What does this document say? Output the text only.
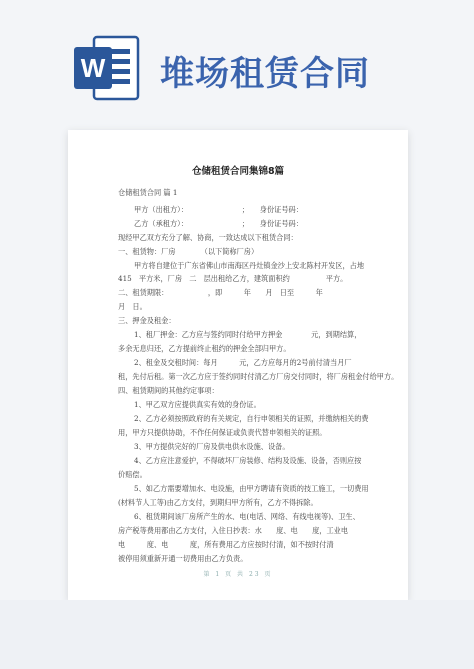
W 堆场租赁合同
仓储租赁合同集锦8篇
仓储租赁合同 篇 1
甲方（出租方）：　　　　　　　　；　　身份证号码：
乙方（承租方）：　　　　　　　　；　　身份证号码：
现经甲乙双方充分了解、协商，一致达成以下租赁合同：
一、租赁物：厂房　　　　（以下简称厂房）
甲方将自建位于广东省佛山市南海区丹灶镇金沙上安北陈村开发区，占地
415　平方米，厂房　二　层出租给乙方，建筑面积约　　　　　平方。
二、租赁期限：　　　　　　，即　　　年　　月　日至　　　年
月　日。
三、押金及租金：
1、租厂押金：乙方应与签约同时付给甲方押金　　　　元，到期结算，
多余无息归还，乙方提前终止租约的押金全部归甲方。
2、租金及交租时间：每月　　　元，乙方应每月的2号前付清当月厂
租，先付后租。第一次乙方应于签约同时付清乙方厂房交付同时，将厂房租金付给甲方。
四、租赁期间的其他约定事项：
1、甲乙双方应提供真实有效的身份证。
2、乙方必须按照政府的有关规定，自行申领相关的证照，并缴纳相关的费
用，甲方只提供协助，不作任何保证或负责代替申领相关的证照。
3、甲方提供完好的厂房及供电供水设施、设备。
4、乙方应注意爱护，不得破坏厂房装修、结构及设施、设备，否则应按
价赔偿。
5、如乙方需要增加水、电设施，由甲方聘请有资质的技工施工，一切费用
(材料节人工等)由乙方支付，到期归甲方所有，乙方不得拆除。
6、租赁期间该厂房所产生的水、电(电话、网络、有线电视等)、卫生、
房产税等费用都由乙方支付，入住日抄表：水　　度、电　　度，工业电
电　　　度、电　　　度，所有费用乙方应按时付清，如不按时付清
被停用须重新开通一切费用由乙方负责。
第 1 页 共 23 页
